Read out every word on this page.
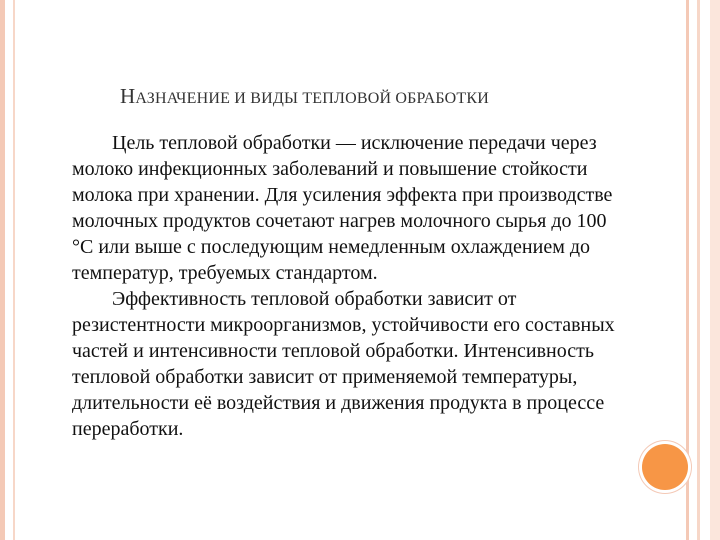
НАЗНАЧЕНИЕ И ВИДЫ ТЕПЛОВОЙ ОБРАБОТКИ

Цель тепловой обработки — исключение передачи через молоко инфекционных заболеваний и повышение стойкости молока при хранении. Для усиления эффекта при производстве молочных продуктов сочетают нагрев молочного сырья до 100 °С или выше с последующим немедленным охлаждением до температур, требуемых стандартом.

Эффективность тепловой обработки зависит от резистентности микроорганизмов, устойчивости его составных частей и интенсивности тепловой обработки. Интенсивность тепловой обработки зависит от применяемой температуры, длительности её воздействия и движения продукта в процессе переработки.
